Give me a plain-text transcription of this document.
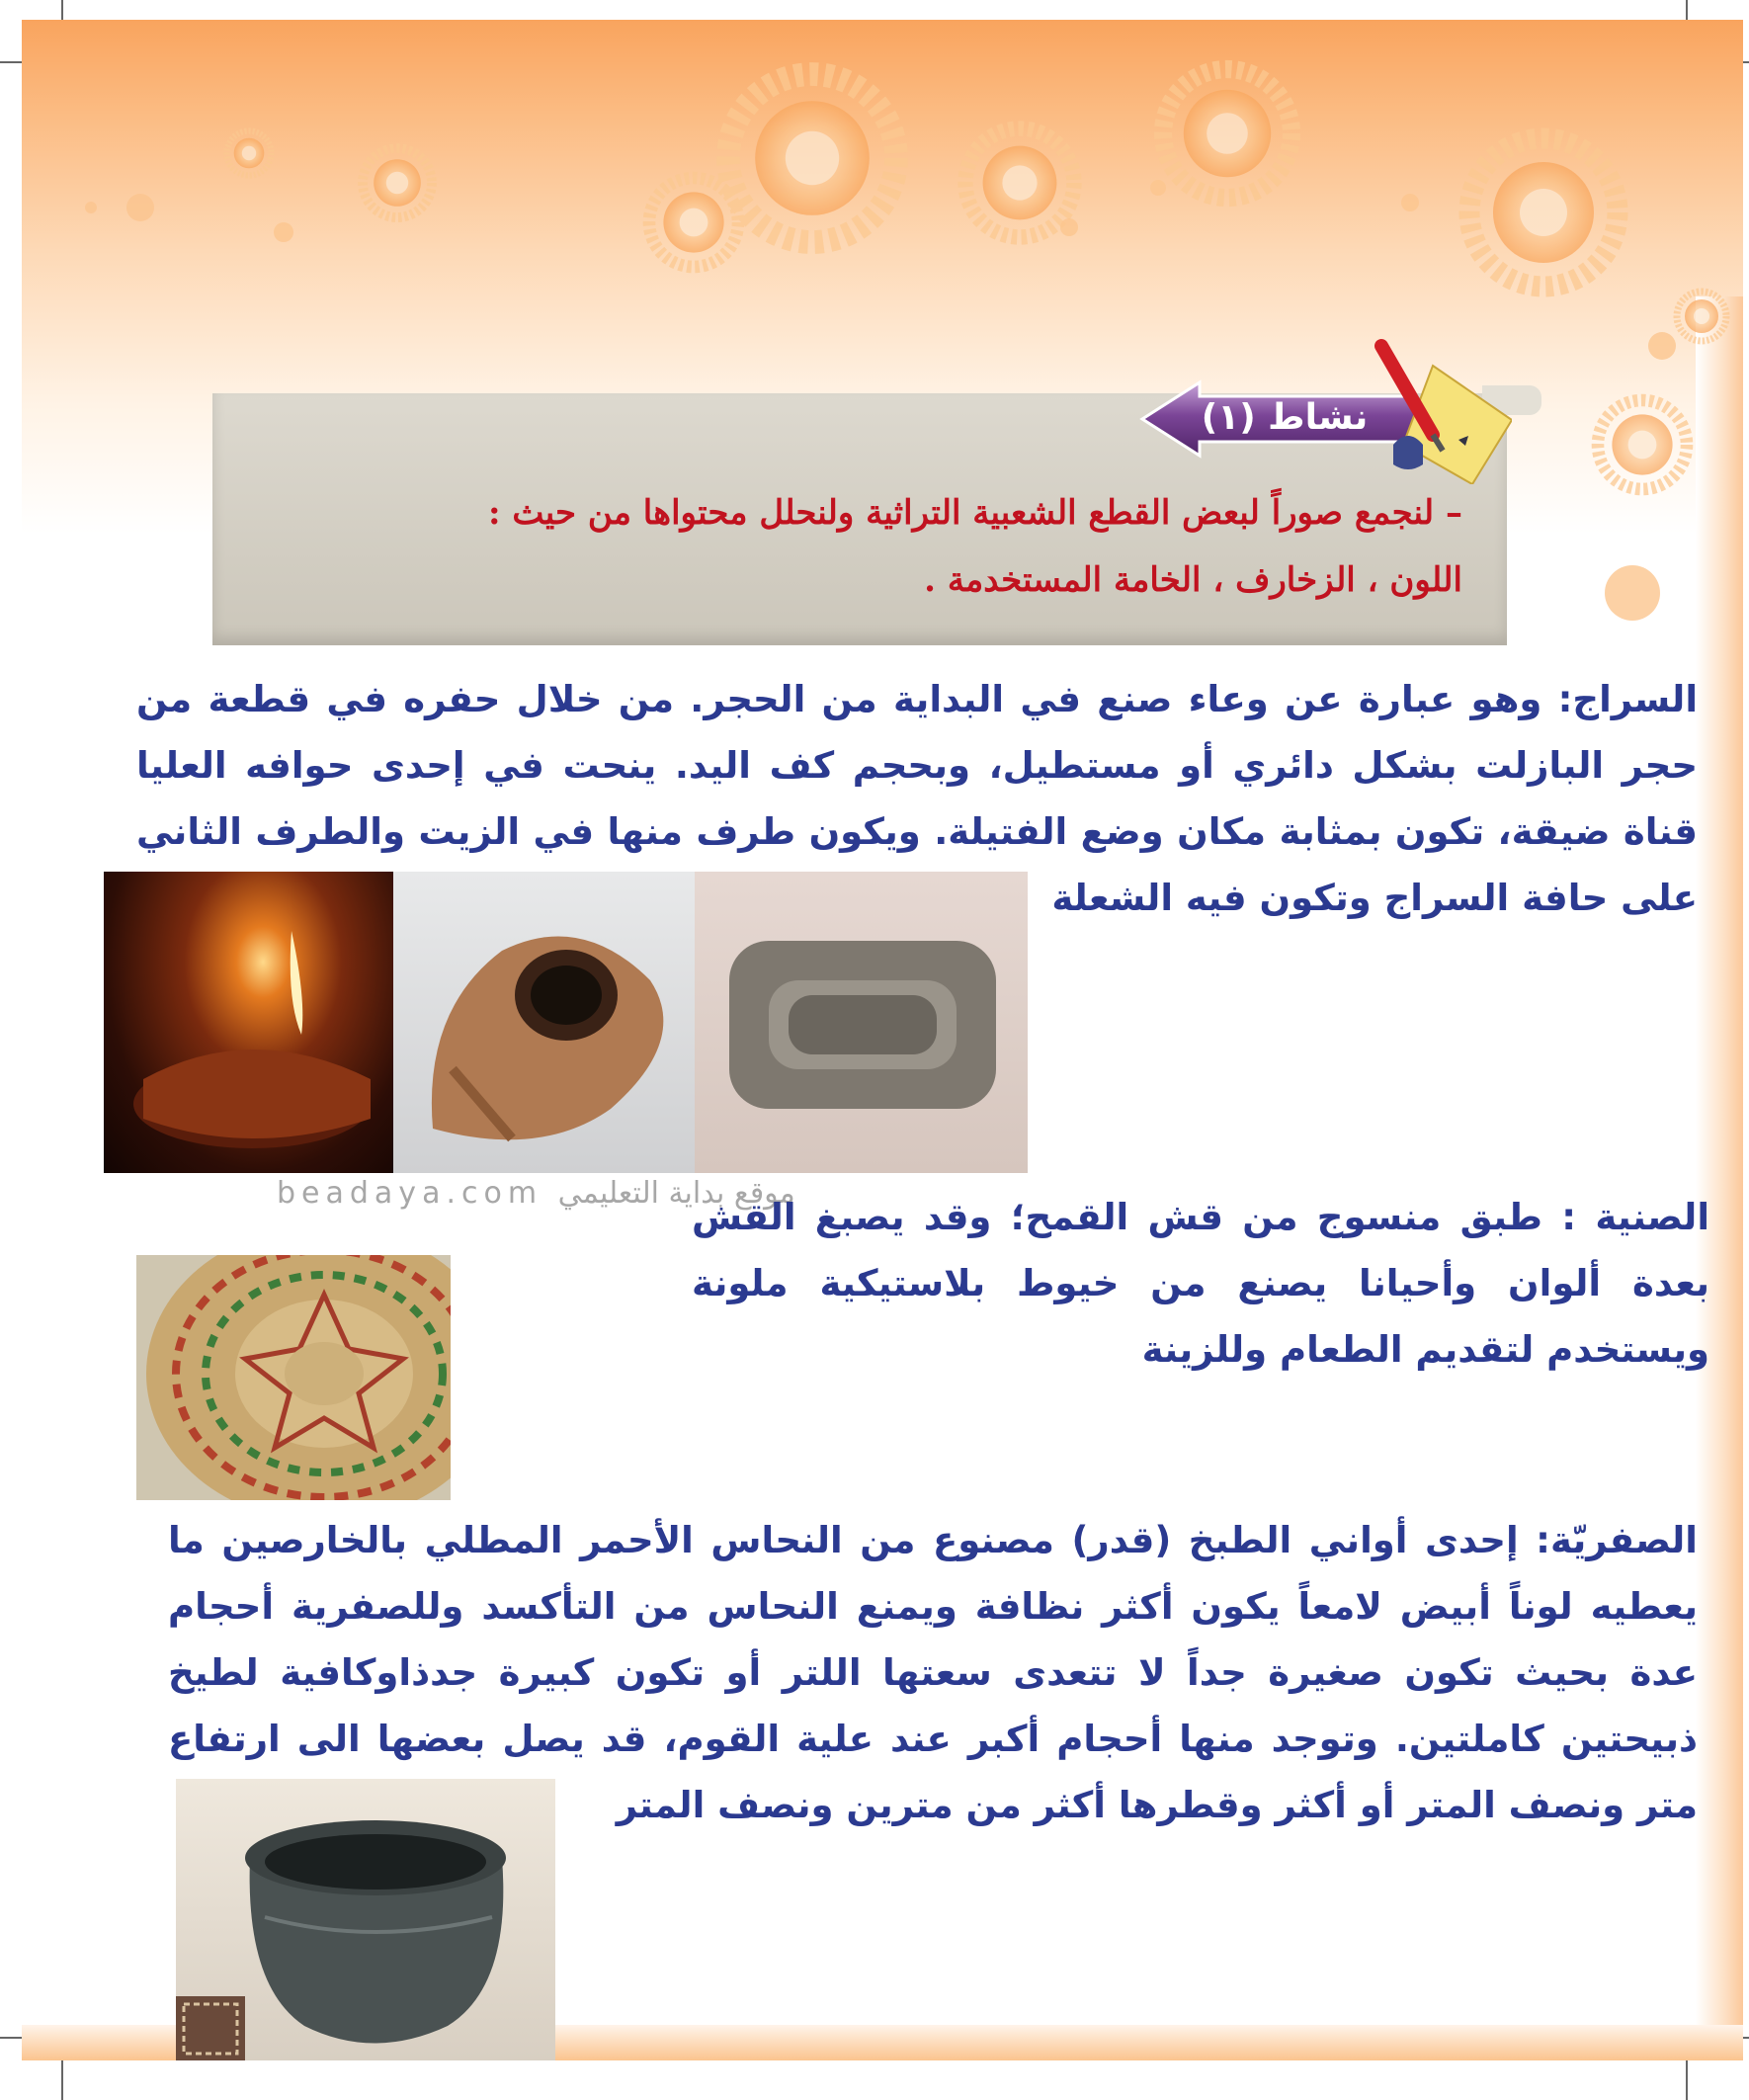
نشاط (١)
– لنجمع صوراً لبعض القطع الشعبية التراثية ولنحلل محتواها من حيث :
اللون ، الزخارف ، الخامة المستخدمة .
السراج: وهو عبارة عن وعاء صنع في البداية من الحجر. من خلال حفره في قطعة من حجر البازلت بشكل دائري أو مستطيل، وبحجم كف اليد. ينحت في إحدى حوافه العليا قناة ضيقة، تكون بمثابة مكان وضع الفتيلة. ويكون طرف منها في الزيت والطرف الثاني على حافة السراج وتكون فيه الشعلة
beadaya.com موقع بداية التعليمي
الصنية : طبق منسوج من قش القمح؛ وقد يصبغ القش بعدة ألوان وأحيانا يصنع من خيوط بلاستيكية ملونة ويستخدم لتقديم الطعام وللزينة
الصفريّة: إحدى أواني الطبخ (قدر) مصنوع من النحاس الأحمر المطلي بالخارصين ما يعطيه لوناً أبيض لامعاً يكون أكثر نظافة ويمنع النحاس من التأكسد وللصفرية أحجام عدة بحيث تكون صغيرة جداً لا تتعدى سعتها اللتر أو تكون كبيرة جدذاوكافية لطيخ ذبيحتين كاملتين. وتوجد منها أحجام أكبر عند علية القوم، قد يصل بعضها الى ارتفاع متر ونصف المتر أو أكثر وقطرها أكثر من مترين ونصف المتر
